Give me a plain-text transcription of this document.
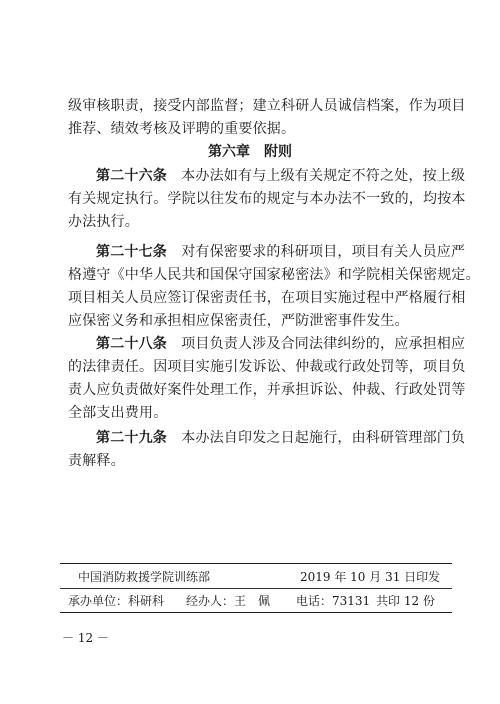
级审核职责，接受内部监督；建立科研人员诚信档案，作为项目
推荐、绩效考核及评聘的重要依据。
第六章　附则
第二十六条  本办法如有与上级有关规定不符之处，按上级
有关规定执行。学院以往发布的规定与本办法不一致的，均按本
办法执行。
第二十七条  对有保密要求的科研项目，项目有关人员应严
格遵守《中华人民共和国保守国家秘密法》和学院相关保密规定。
项目相关人员应签订保密责任书，在项目实施过程中严格履行相
应保密义务和承担相应保密责任，严防泄密事件发生。
第二十八条  项目负责人涉及合同法律纠纷的，应承担相应
的法律责任。因项目实施引发诉讼、仲裁或行政处罚等，项目负
责人应负责做好案件处理工作，并承担诉讼、仲裁、行政处罚等
全部支出费用。
第二十九条  本办法自印发之日起施行，由科研管理部门负
责解释。
中国消防救援学院训练部	2019 年 10 月 31 日印发
承办单位：科研科 经办人：王　佩 电话：73131 共印 12 份
－ 12 －
